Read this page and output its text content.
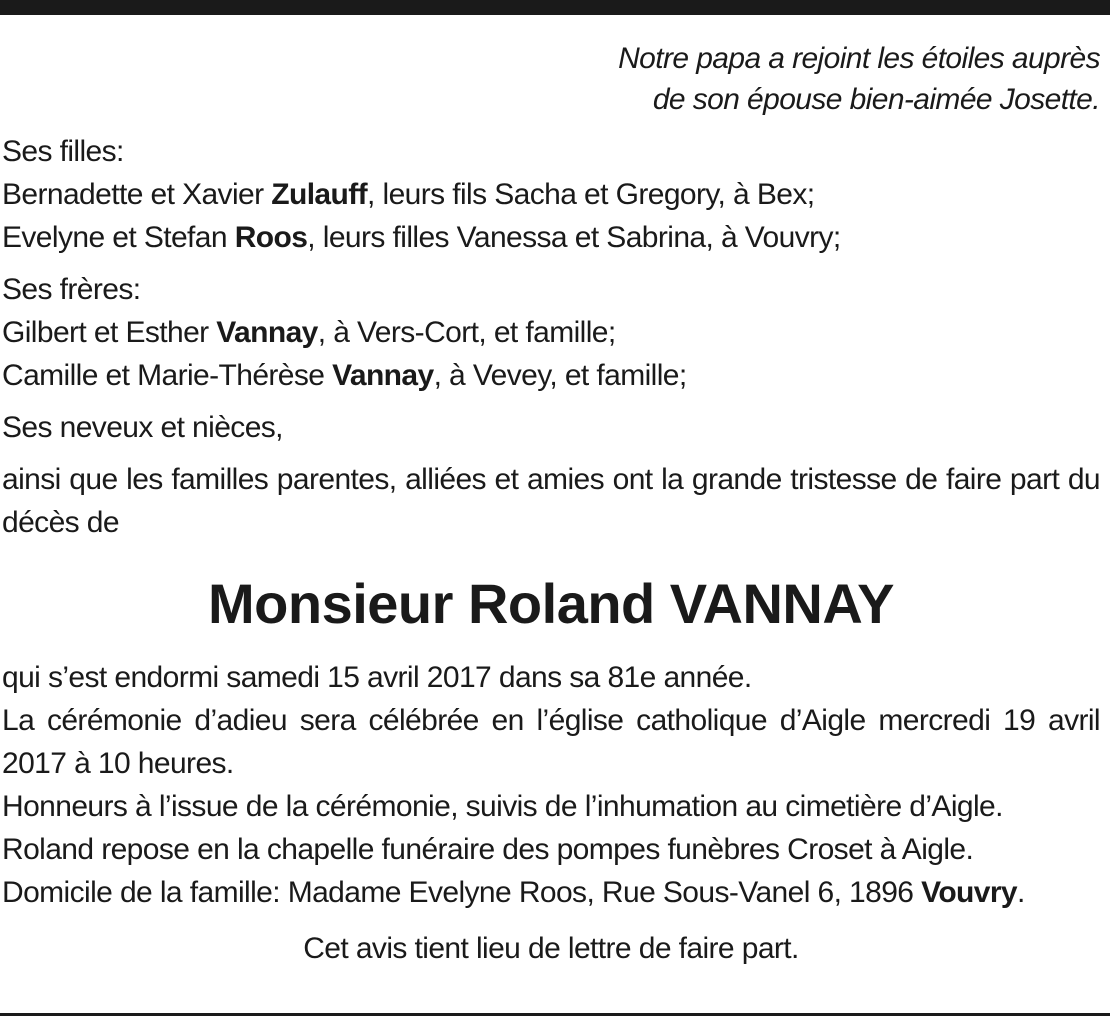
Notre papa a rejoint les étoiles auprès
de son épouse bien-aimée Josette.

Ses filles:
Bernadette et Xavier Zulauff, leurs fils Sacha et Gregory, à Bex;
Evelyne et Stefan Roos, leurs filles Vanessa et Sabrina, à Vouvry;

Ses frères:
Gilbert et Esther Vannay, à Vers-Cort, et famille;
Camille et Marie-Thérèse Vannay, à Vevey, et famille;

Ses neveux et nièces,

ainsi que les familles parentes, alliées et amies ont la grande tristesse de faire part du décès de

Monsieur Roland VANNAY

qui s’est endormi samedi 15 avril 2017 dans sa 81e année.
La cérémonie d’adieu sera célébrée en l’église catholique d’Aigle mercredi 19 avril 2017 à 10 heures.
Honneurs à l’issue de la cérémonie, suivis de l’inhumation au cimetière d’Aigle.
Roland repose en la chapelle funéraire des pompes funèbres Croset à Aigle.
Domicile de la famille: Madame Evelyne Roos, Rue Sous-Vanel 6, 1896 Vouvry.

Cet avis tient lieu de lettre de faire part.
